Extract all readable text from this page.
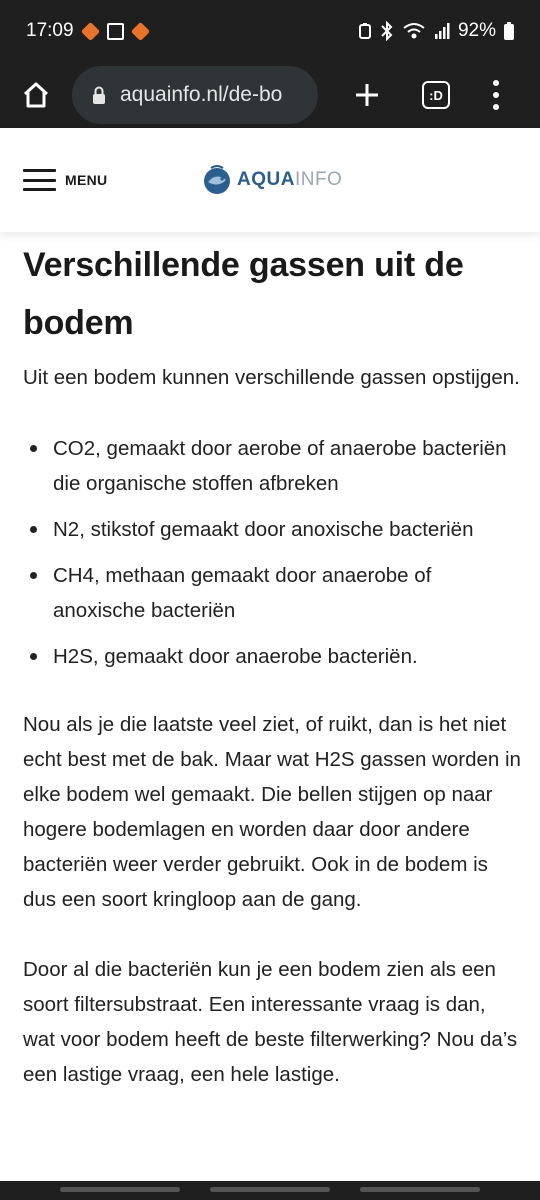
17:09	92%
aquainfo.nl/de-bo	:D
MENU	AQUA INFO
Verschillende gassen uit de bodem

Uit een bodem kunnen verschillende gassen opstijgen.

CO2, gemaakt door aerobe of anaerobe bacteriën die organische stoffen afbreken
N2, stikstof gemaakt door anoxische bacteriën
CH4, methaan gemaakt door anaerobe of anoxische bacteriën
H2S, gemaakt door anaerobe bacteriën.

Nou als je die laatste veel ziet, of ruikt, dan is het niet echt best met de bak. Maar wat H2S gassen worden in elke bodem wel gemaakt. Die bellen stijgen op naar hogere bodemlagen en worden daar door andere bacteriën weer verder gebruikt. Ook in de bodem is dus een soort kringloop aan de gang.

Door al die bacteriën kun je een bodem zien als een soort filtersubstraat. Een interessante vraag is dan, wat voor bodem heeft de beste filterwerking? Nou da’s een lastige vraag, een hele lastige.
